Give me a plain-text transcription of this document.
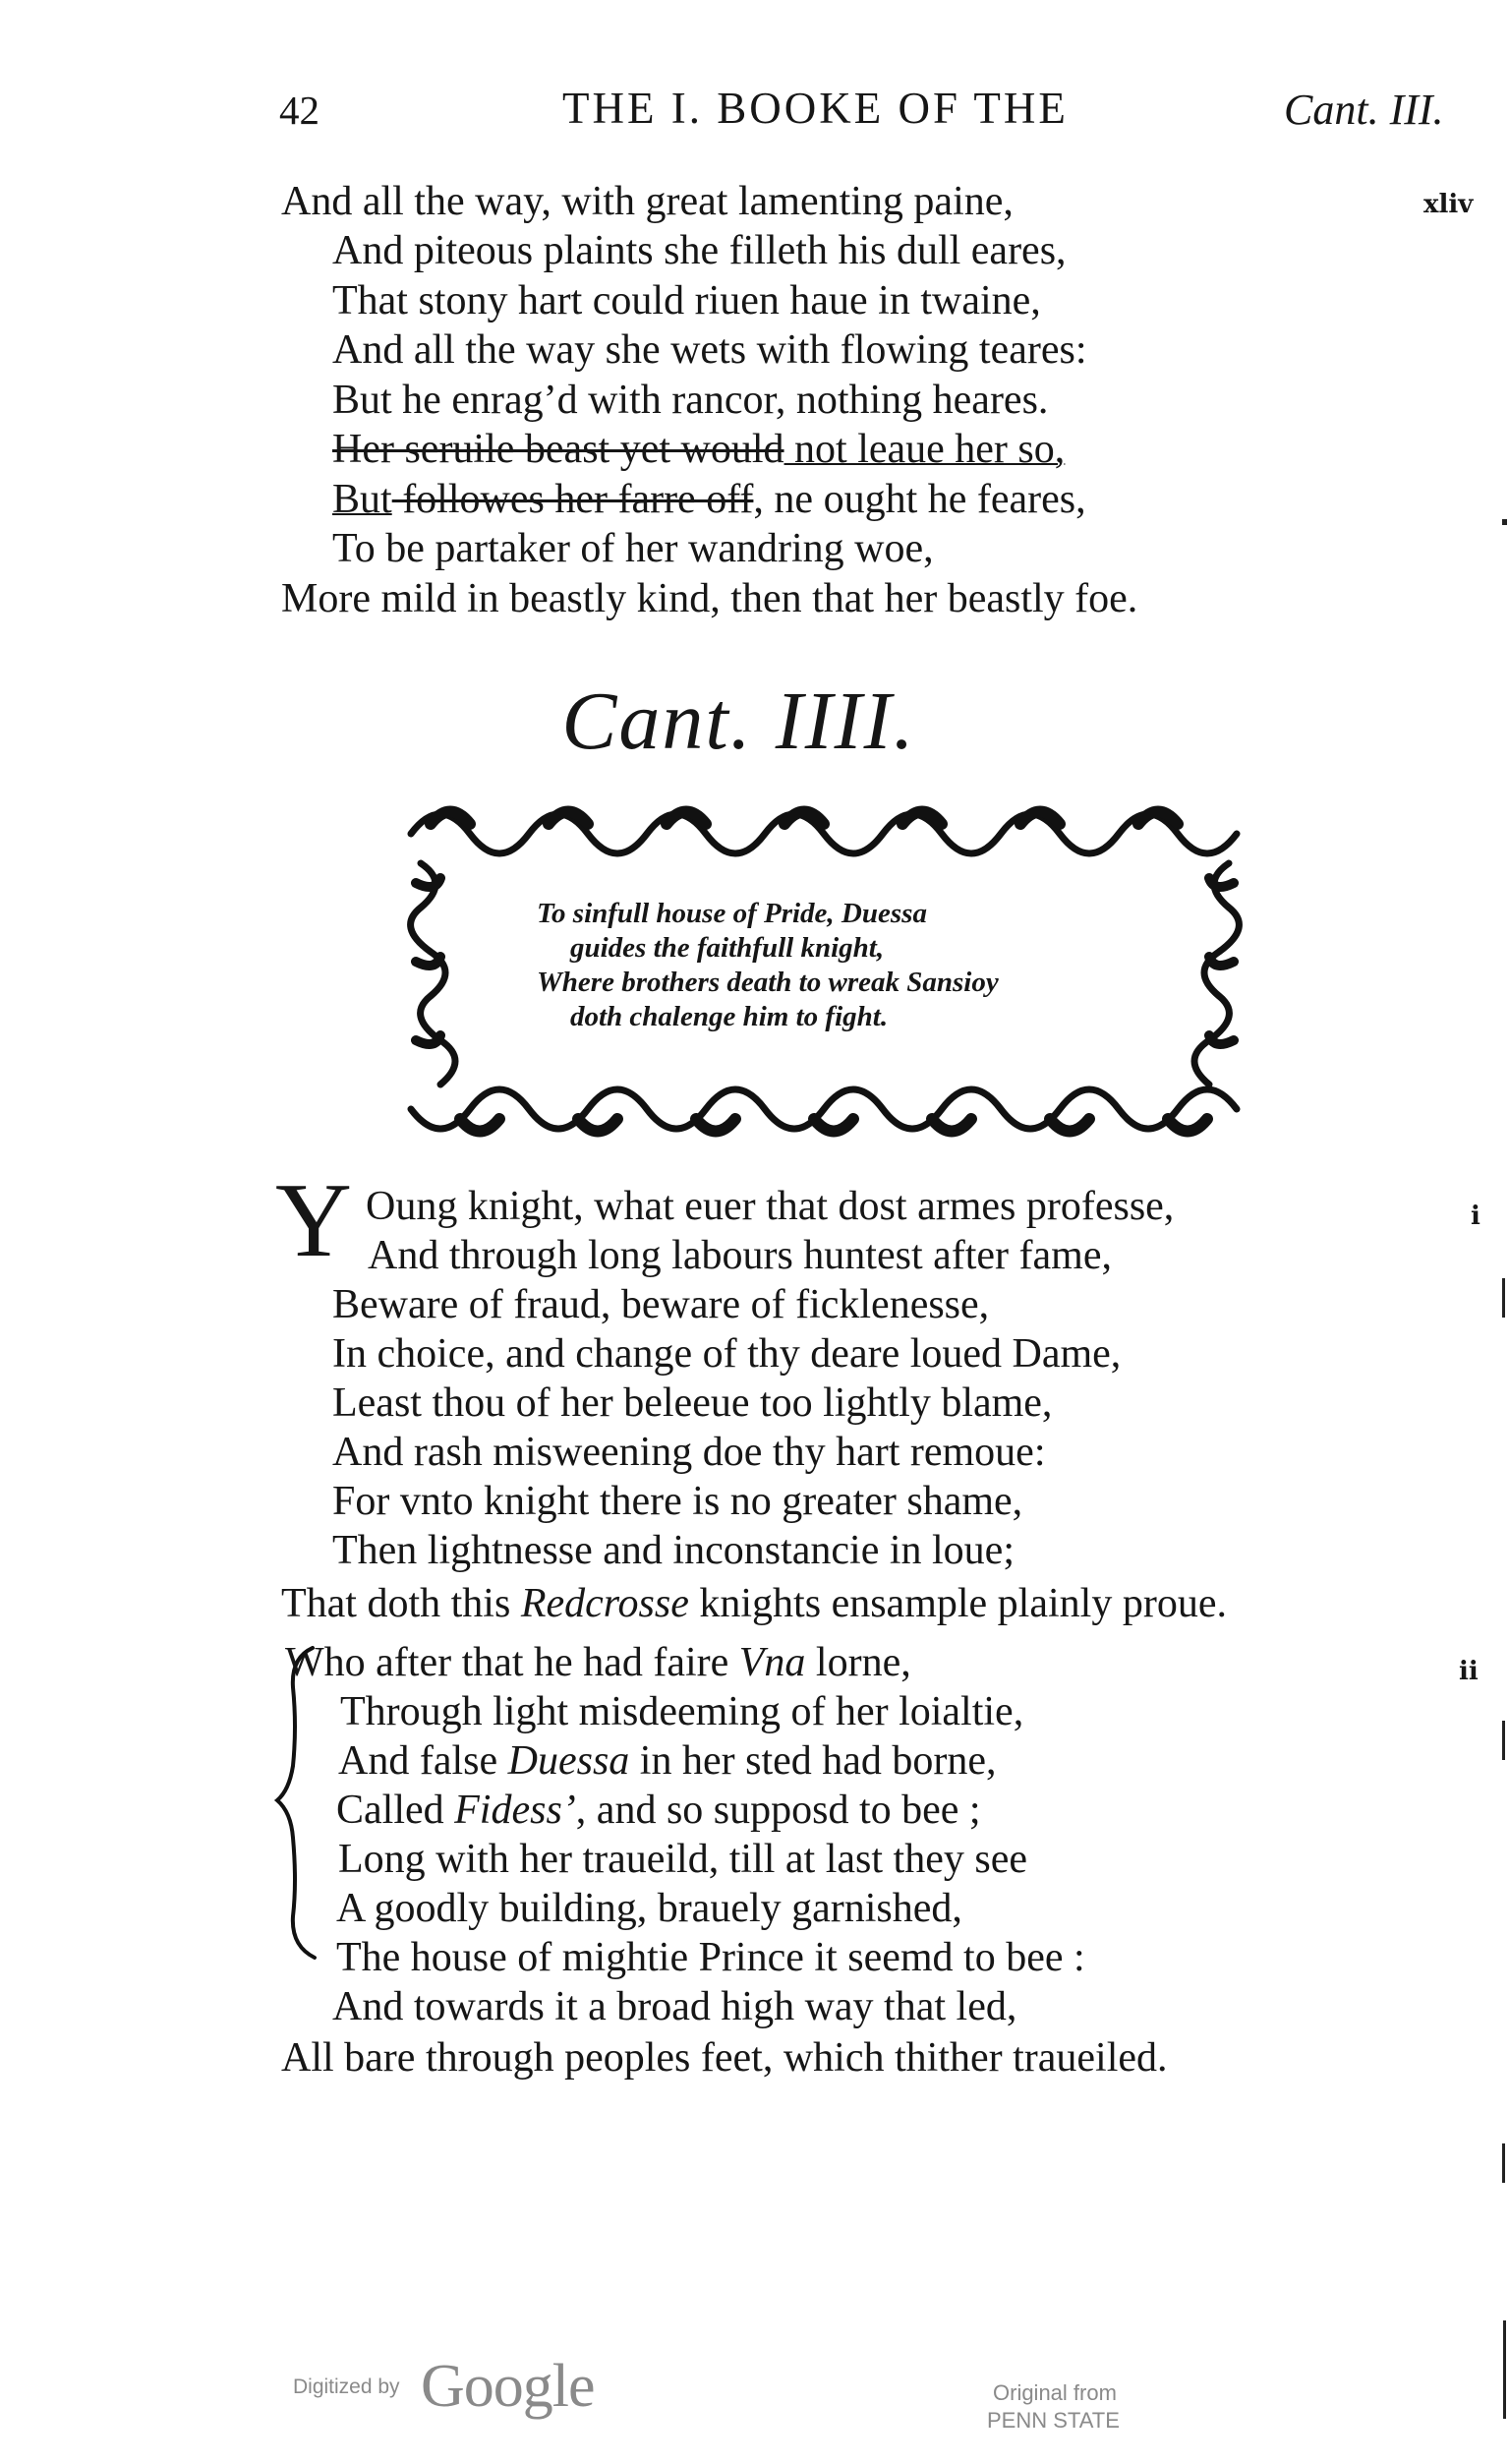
42	THE I. BOOKE OF THE	Cant. III.
xliv
And all the way, with great lamenting paine,
And piteous plaints she filleth his dull eares,
That stony hart could riuen haue in twaine,
And all the way she wets with flowing teares:
But he enrag’d with rancor, nothing heares.
Her seruile beast yet would not leaue her so,
But followes her farre off, ne ought he feares,
To be partaker of her wandring woe,
More mild in beastly kind, then that her beastly foe.
Cant. IIII.
To sinfull house of Pride, Duessa
guides the faithfull knight,
Where brothers death to wreak Sansioy
doth chalenge him to fight.
Y	i
Oung knight, what euer that dost armes professe,
And through long labours huntest after fame,
Beware of fraud, beware of ficklenesse,
In choice, and change of thy deare loued Dame,
Least thou of her beleeue too lightly blame,
And rash misweening doe thy hart remoue:
For vnto knight there is no greater shame,
Then lightnesse and inconstancie in loue;
That doth this Redcrosse knights ensample plainly proue.
ii
Who after that he had faire Vna lorne,
Through light misdeeming of her loialtie,
And false Duessa in her sted had borne,
Called Fidess’, and so supposd to bee ;
Long with her traueild, till at last they see
A goodly building, brauely garnished,
The house of mightie Prince it seemd to bee :
And towards it a broad high way that led,
All bare through peoples feet, which thither traueiled.
Digitized by Google	Original from
PENN STATE
